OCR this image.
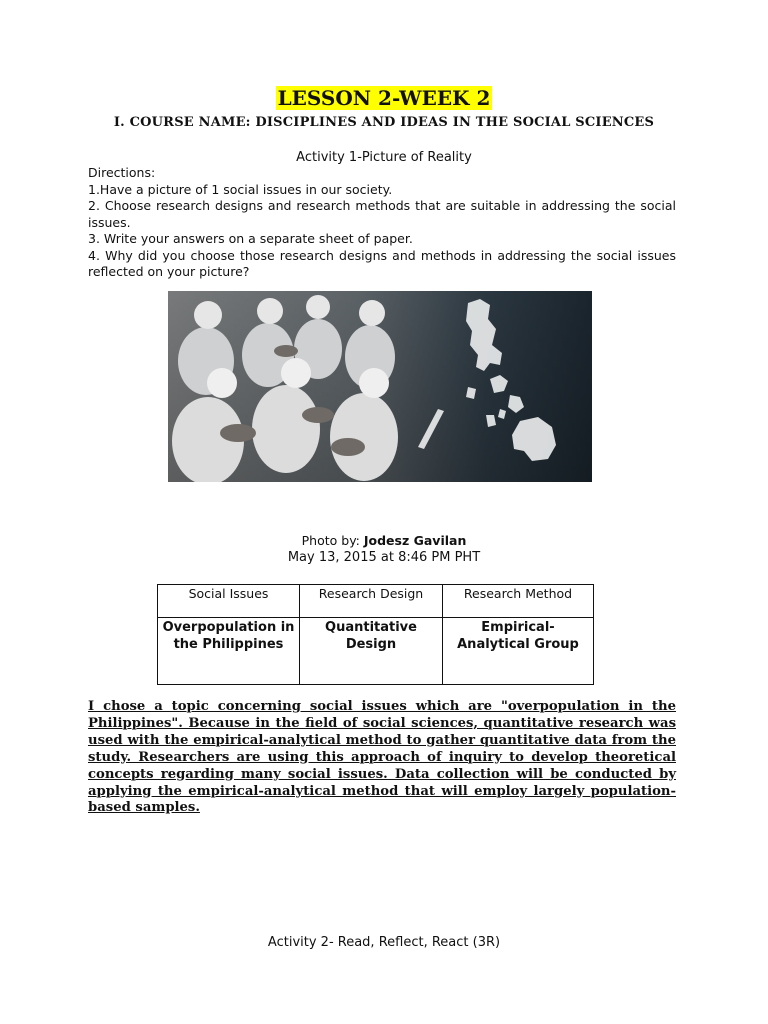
LESSON 2-WEEK 2
I. COURSE NAME: DISCIPLINES AND IDEAS IN THE SOCIAL SCIENCES
Activity 1-Picture of Reality
Directions:
1.Have a picture of 1 social issues in our society.
2. Choose research designs and research methods that are suitable in addressing the social issues.
3. Write your answers on a separate sheet of paper.
4. Why did you choose those research designs and methods in addressing the social issues reflected on your picture?
Photo by: Jodesz Gavilan
May 13, 2015 at 8:46 PM PHT
Social Issues	Research Design	Research Method
Overpopulation in the Philippines	Quantitative Design	Empirical-Analytical Group
I chose a topic concerning social issues which are "overpopulation in the Philippines". Because in the field of social sciences, quantitative research was used with the empirical-analytical method to gather quantitative data from the study. Researchers are using this approach of inquiry to develop theoretical concepts regarding many social issues. Data collection will be conducted by applying the empirical-analytical method that will employ largely population-based samples.
Activity 2- Read, Reflect, React (3R)
